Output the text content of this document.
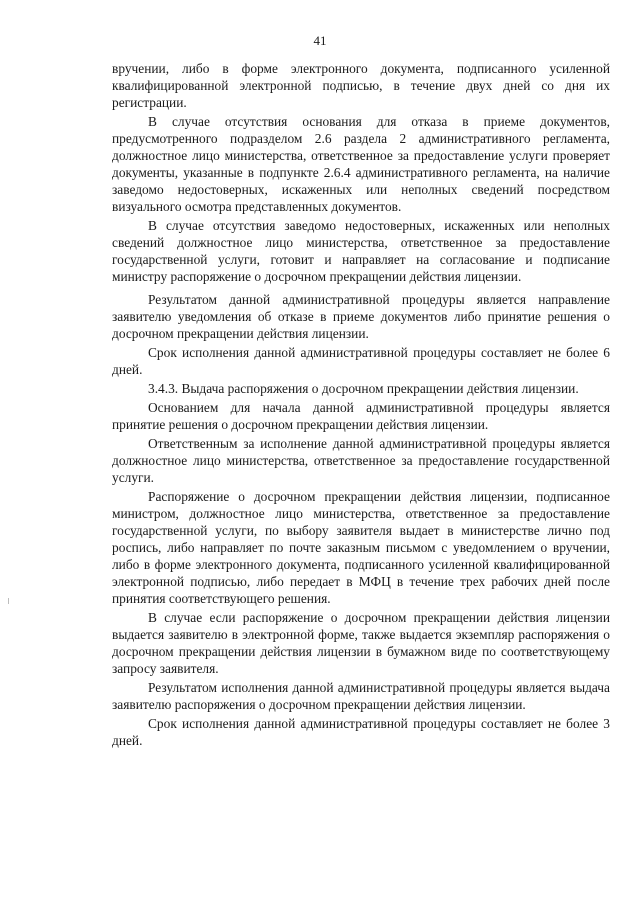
41

вручении, либо в форме электронного документа, подписанного усиленной квалифицированной электронной подписью, в течение двух дней со дня их регистрации.

В случае отсутствия основания для отказа в приеме документов, предусмотренного подразделом 2.6 раздела 2 административного регламента, должностное лицо министерства, ответственное за предоставление услуги проверяет документы, указанные в подпункте 2.6.4 административного регламента, на наличие заведомо недостоверных, искаженных или неполных сведений посредством визуального осмотра представленных документов.

В случае отсутствия заведомо недостоверных, искаженных или неполных сведений должностное лицо министерства, ответственное за предоставление государственной услуги, готовит и направляет на согласование и подписание министру распоряжение о досрочном прекращении действия лицензии.

Результатом данной административной процедуры является направление заявителю уведомления об отказе в приеме документов либо принятие решения о досрочном прекращении действия лицензии.

Срок исполнения данной административной процедуры составляет не более 6 дней.

3.4.3. Выдача распоряжения о досрочном прекращении действия лицензии.

Основанием для начала данной административной процедуры является принятие решения о досрочном прекращении действия лицензии.

Ответственным за исполнение данной административной процедуры является должностное лицо министерства, ответственное за предоставление государственной услуги.

Распоряжение о досрочном прекращении действия лицензии, подписанное министром, должностное лицо министерства, ответственное за предоставление государственной услуги, по выбору заявителя выдает в министерстве лично под роспись, либо направляет по почте заказным письмом с уведомлением о вручении, либо в форме электронного документа, подписанного усиленной квалифицированной электронной подписью, либо передает в МФЦ в течение трех рабочих дней после принятия соответствующего решения.

В случае если распоряжение о досрочном прекращении действия лицензии выдается заявителю в электронной форме, также выдается экземпляр распоряжения о досрочном прекращении действия лицензии в бумажном виде по соответствующему запросу заявителя.

Результатом исполнения данной административной процедуры является выдача заявителю распоряжения о досрочном прекращении действия лицензии.

Срок исполнения данной административной процедуры составляет не более 3 дней.
